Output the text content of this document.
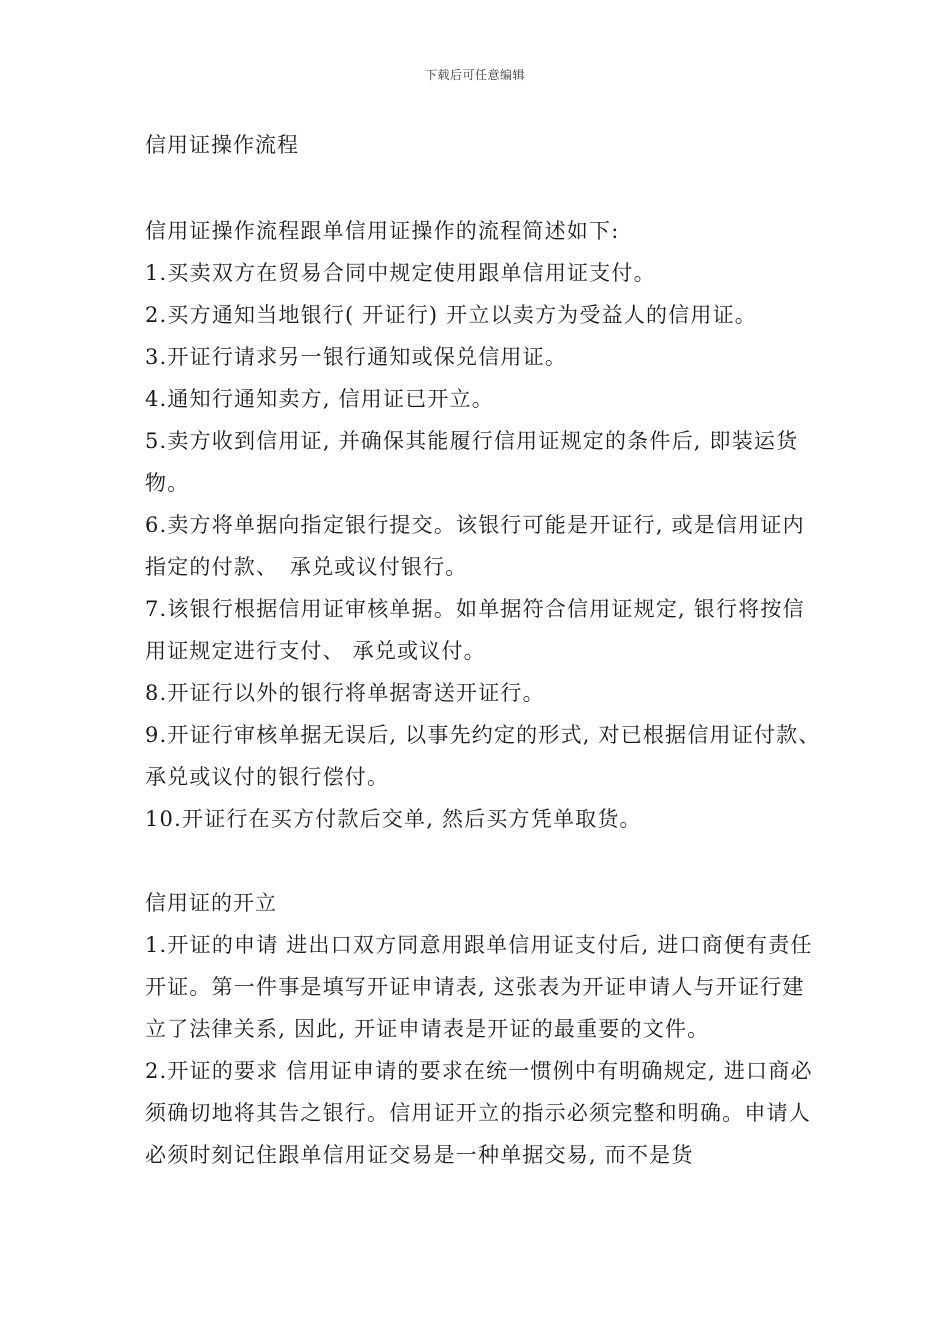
下载后可任意编辑
信用证操作流程

信用证操作流程跟单信用证操作的流程简述如下:

1.买卖双方在贸易合同中规定使用跟单信用证支付。

2.买方通知当地银行( 开证行) 开立以卖方为受益人的信用证。

3.开证行请求另一银行通知或保兑信用证。

4.通知行通知卖方, 信用证已开立。

5.卖方收到信用证, 并确保其能履行信用证规定的条件后, 即装运货物。

6.卖方将单据向指定银行提交。该银行可能是开证行, 或是信用证内指定的付款、　承兑或议付银行。

7.该银行根据信用证审核单据。如单据符合信用证规定, 银行将按信用证规定进行支付、 承兑或议付。

8.开证行以外的银行将单据寄送开证行。

9.开证行审核单据无误后, 以事先约定的形式, 对已根据信用证付款、 承兑或议付的银行偿付。

10.开证行在买方付款后交单, 然后买方凭单取货。

信用证的开立

1.开证的申请 进出口双方同意用跟单信用证支付后, 进口商便有责任开证。第一件事是填写开证申请表, 这张表为开证申请人与开证行建立了法律关系, 因此, 开证申请表是开证的最重要的文件。

2.开证的要求 信用证申请的要求在统一惯例中有明确规定, 进口商必须确切地将其告之银行。信用证开立的指示必须完整和明确。申请人必须时刻记住跟单信用证交易是一种单据交易, 而不是货
